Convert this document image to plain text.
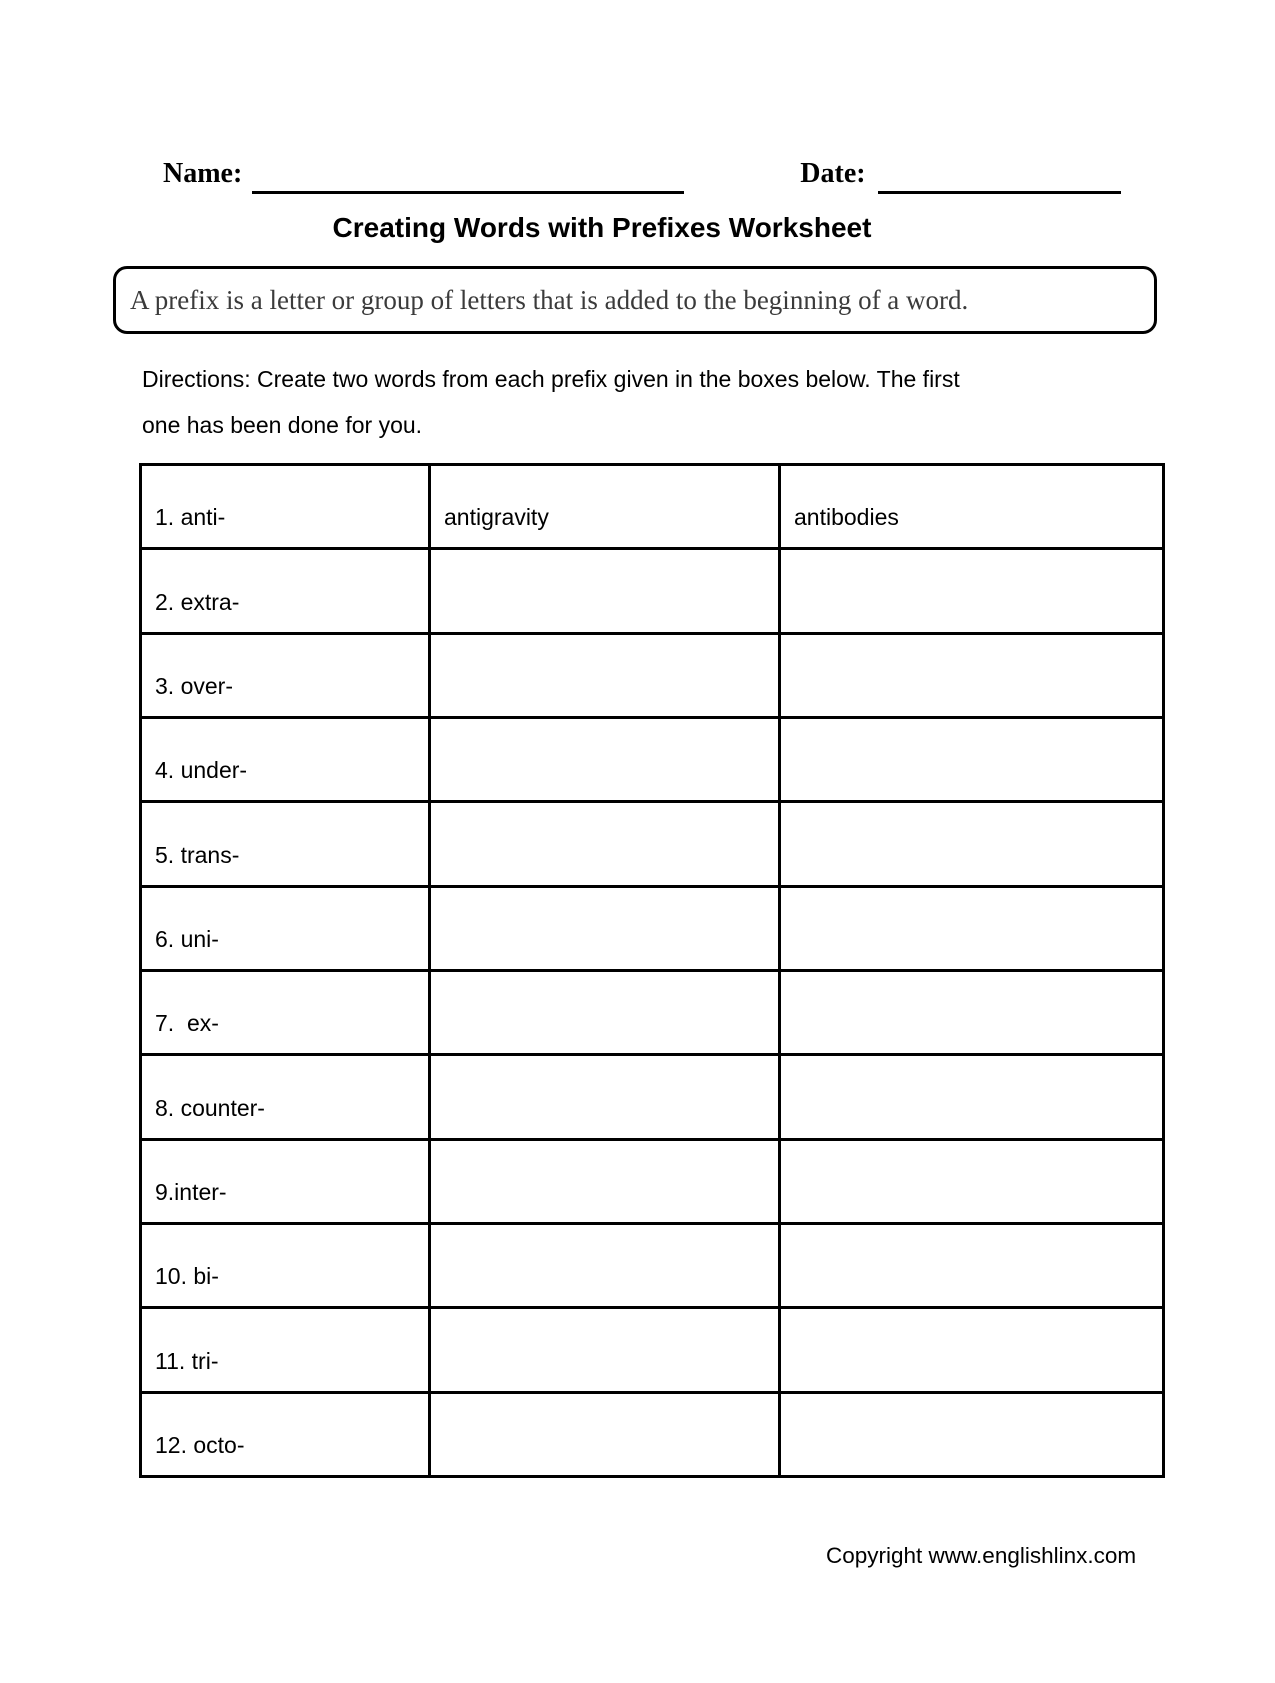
Name:	Date:
Creating Words with Prefixes Worksheet
A prefix is a letter or group of letters that is added to the beginning of a word.
Directions: Create two words from each prefix given in the boxes below. The first
one has been done for you.
1. anti-	antigravity	antibodies
2. extra-		
3. over-		
4. under-		
5. trans-		
6. uni-		
7.  ex-		
8. counter-		
9.inter-		
10. bi-		
11. tri-		
12. octo-		
Copyright www.englishlinx.com
